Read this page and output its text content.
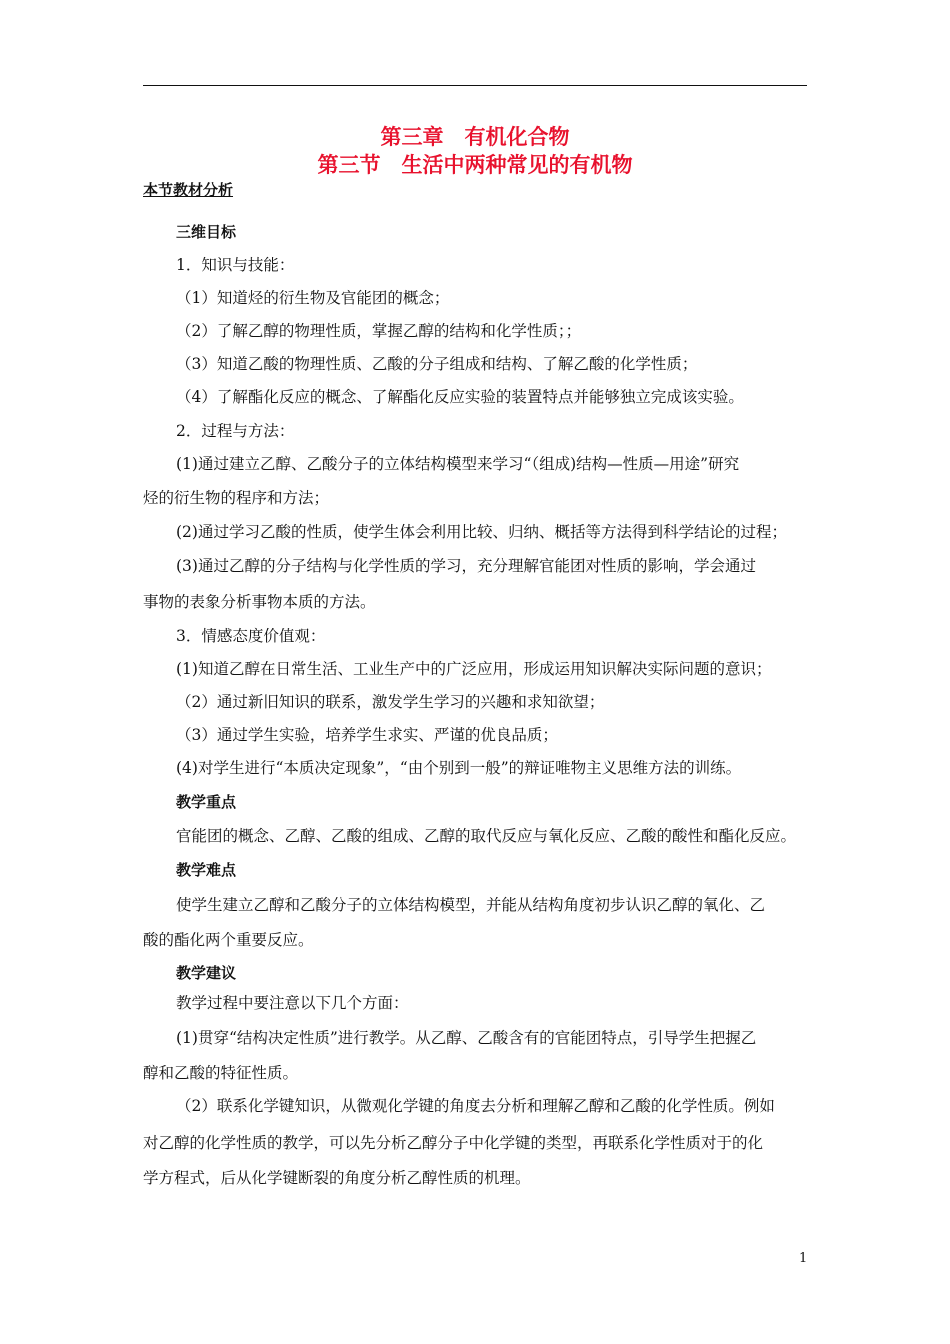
第三章　有机化合物
第三节　生活中两种常见的有机物
本节教材分析
三维目标
1．知识与技能：
（1）知道烃的衍生物及官能团的概念；
（2）了解乙醇的物理性质，掌握乙醇的结构和化学性质；；
（3）知道乙酸的物理性质、乙酸的分子组成和结构、了解乙酸的化学性质；
（4）了解酯化反应的概念、了解酯化反应实验的装置特点并能够独立完成该实验。
2．过程与方法：
(1)通过建立乙醇、乙酸分子的立体结构模型来学习“（组成)结构—性质—用途”研究
烃的衍生物的程序和方法；
(2)通过学习乙酸的性质，使学生体会利用比较、归纳、概括等方法得到科学结论的过程；
(3)通过乙醇的分子结构与化学性质的学习，充分理解官能团对性质的影响，学会通过
事物的表象分析事物本质的方法。
3．情感态度价值观：
(1)知道乙醇在日常生活、工业生产中的广泛应用，形成运用知识解决实际问题的意识；
（2）通过新旧知识的联系，激发学生学习的兴趣和求知欲望；
（3）通过学生实验，培养学生求实、严谨的优良品质；
(4)对学生进行“本质决定现象”，“由个别到一般”的辩证唯物主义思维方法的训练。
教学重点
官能团的概念、乙醇、乙酸的组成、乙醇的取代反应与氧化反应、乙酸的酸性和酯化反应。
教学难点
使学生建立乙醇和乙酸分子的立体结构模型，并能从结构角度初步认识乙醇的氧化、乙
酸的酯化两个重要反应。
教学建议
教学过程中要注意以下几个方面：
(1)贯穿“结构决定性质”进行教学。从乙醇、乙酸含有的官能团特点，引导学生把握乙
醇和乙酸的特征性质。
（2）联系化学键知识，从微观化学键的角度去分析和理解乙醇和乙酸的化学性质。例如
对乙醇的化学性质的教学，可以先分析乙醇分子中化学键的类型，再联系化学性质对于的化
学方程式，后从化学键断裂的角度分析乙醇性质的机理。
1
